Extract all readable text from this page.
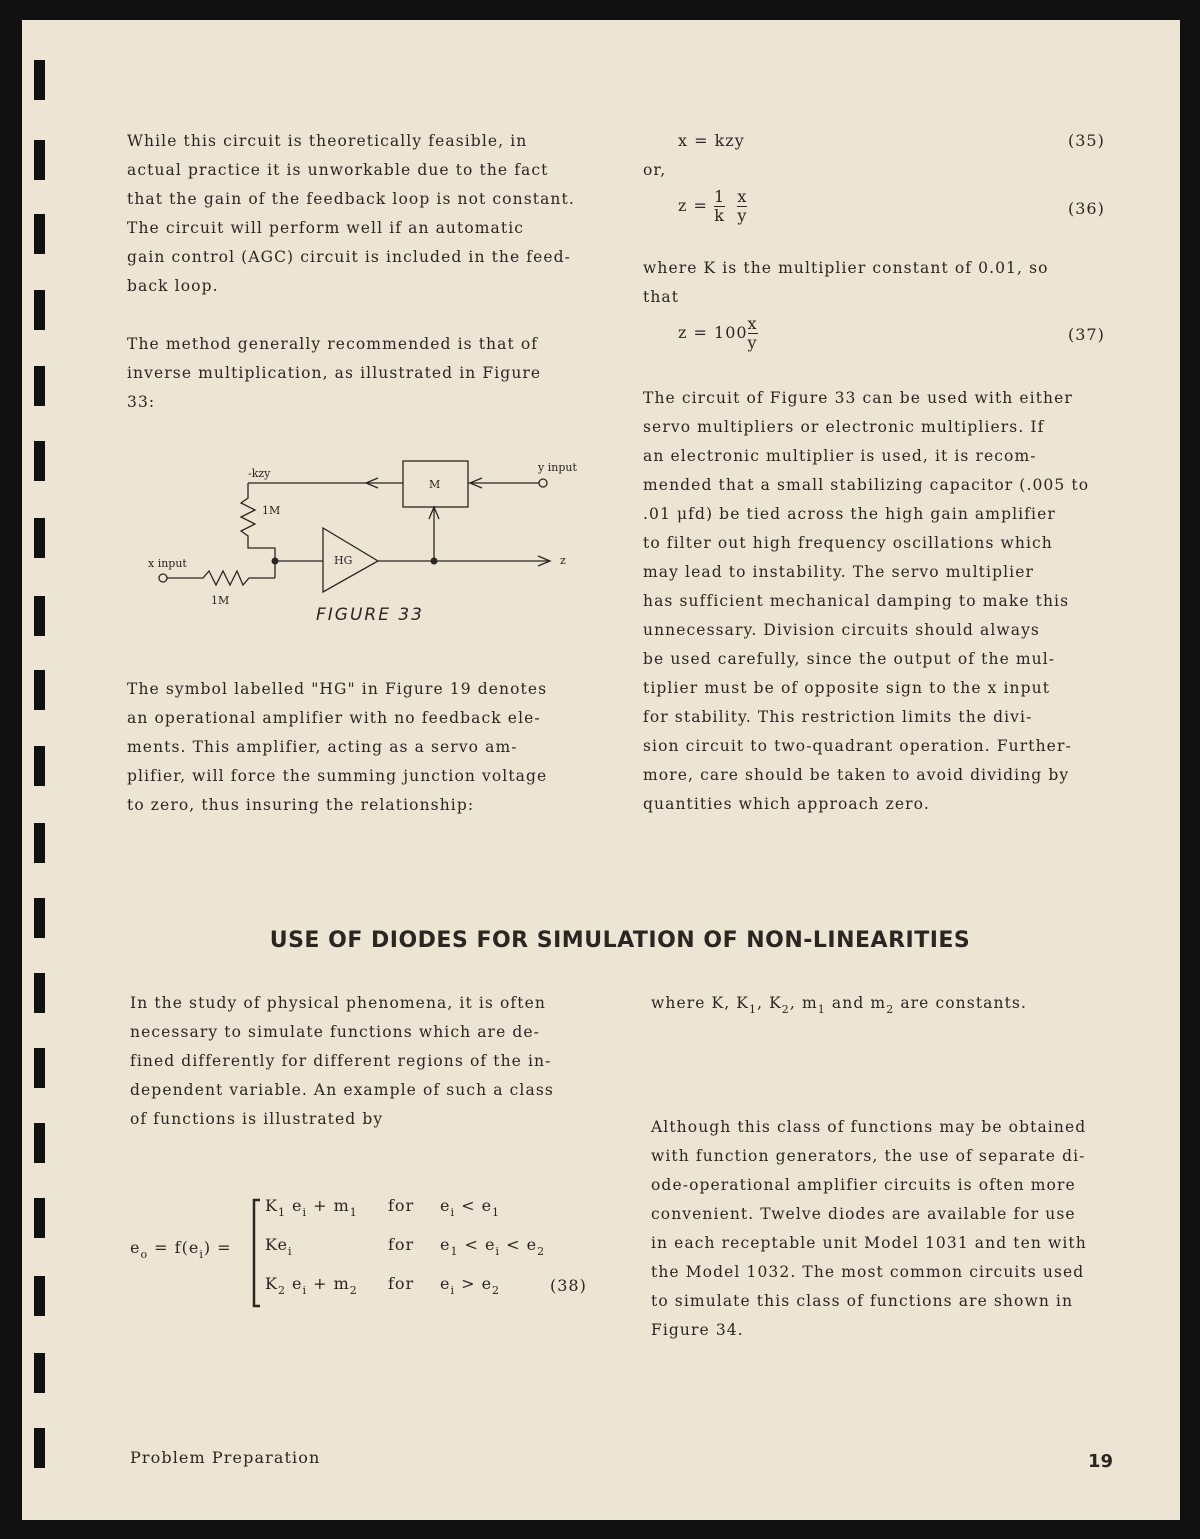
While this circuit is theoretically feasible, in
actual practice it is unworkable due to the fact
that the gain of the feedback loop is not constant.
The circuit will perform well if an automatic
gain control (AGC) circuit is included in the feed-
back loop.
The method generally recommended is that of
inverse multiplication, as illustrated in Figure
33:
The symbol labelled "HG" in Figure 19 denotes
an operational amplifier with no feedback ele-
ments. This amplifier, acting as a servo am-
plifier, will force the summing junction voltage
to zero, thus insuring the relationship:
where K is the multiplier constant of 0.01, so
that
The circuit of Figure 33 can be used with either
servo multipliers or electronic multipliers. If
an electronic multiplier is used, it is recom-
mended that a small stabilizing capacitor (.005 to
.01 μfd) be tied across the high gain amplifier
to filter out high frequency oscillations which
may lead to instability. The servo multiplier
has sufficient mechanical damping to make this
unnecessary. Division circuits should always
be used carefully, since the output of the mul-
tiplier must be of opposite sign to the x input
for stability. This restriction limits the divi-
sion circuit to two-quadrant operation. Further-
more, care should be taken to avoid dividing by
quantities which approach zero.
In the study of physical phenomena, it is often
necessary to simulate functions which are de-
fined differently for different regions of the in-
dependent variable. An example of such a class
of functions is illustrated by	Although this class of functions may be obtained
with function generators, the use of separate di-
ode-operational amplifier circuits is often more
convenient. Twelve diodes are available for use
in each receptable unit Model 1031 and ten with
the Model 1032. The most common circuits used
to simulate this class of functions are shown in
Figure 34.
-kzy
1M
1M
x input
y input
M
HG	z
FIGURE 33
USE OF DIODES FOR SIMULATION OF NON-LINEARITIES
x = kzy	(35)
or,
$z = \frac{1}{k}$
$\frac{x}{y}$	(36)
$z = 100 \frac{x}{y}$	(37)
where K, $K_1$, $K_2$, $m_1$ and $m_2$ are constants.
$e_o = f(e_i)$ =
$K_1$ $e_i + m_1$ for $e_i < e_1$
$Ke_i$	for $e_1 < e_i < e_2$
$K_2$ $e_i + m_2$ for $e_i > e_2$	(38)
Problem Preparation	19
